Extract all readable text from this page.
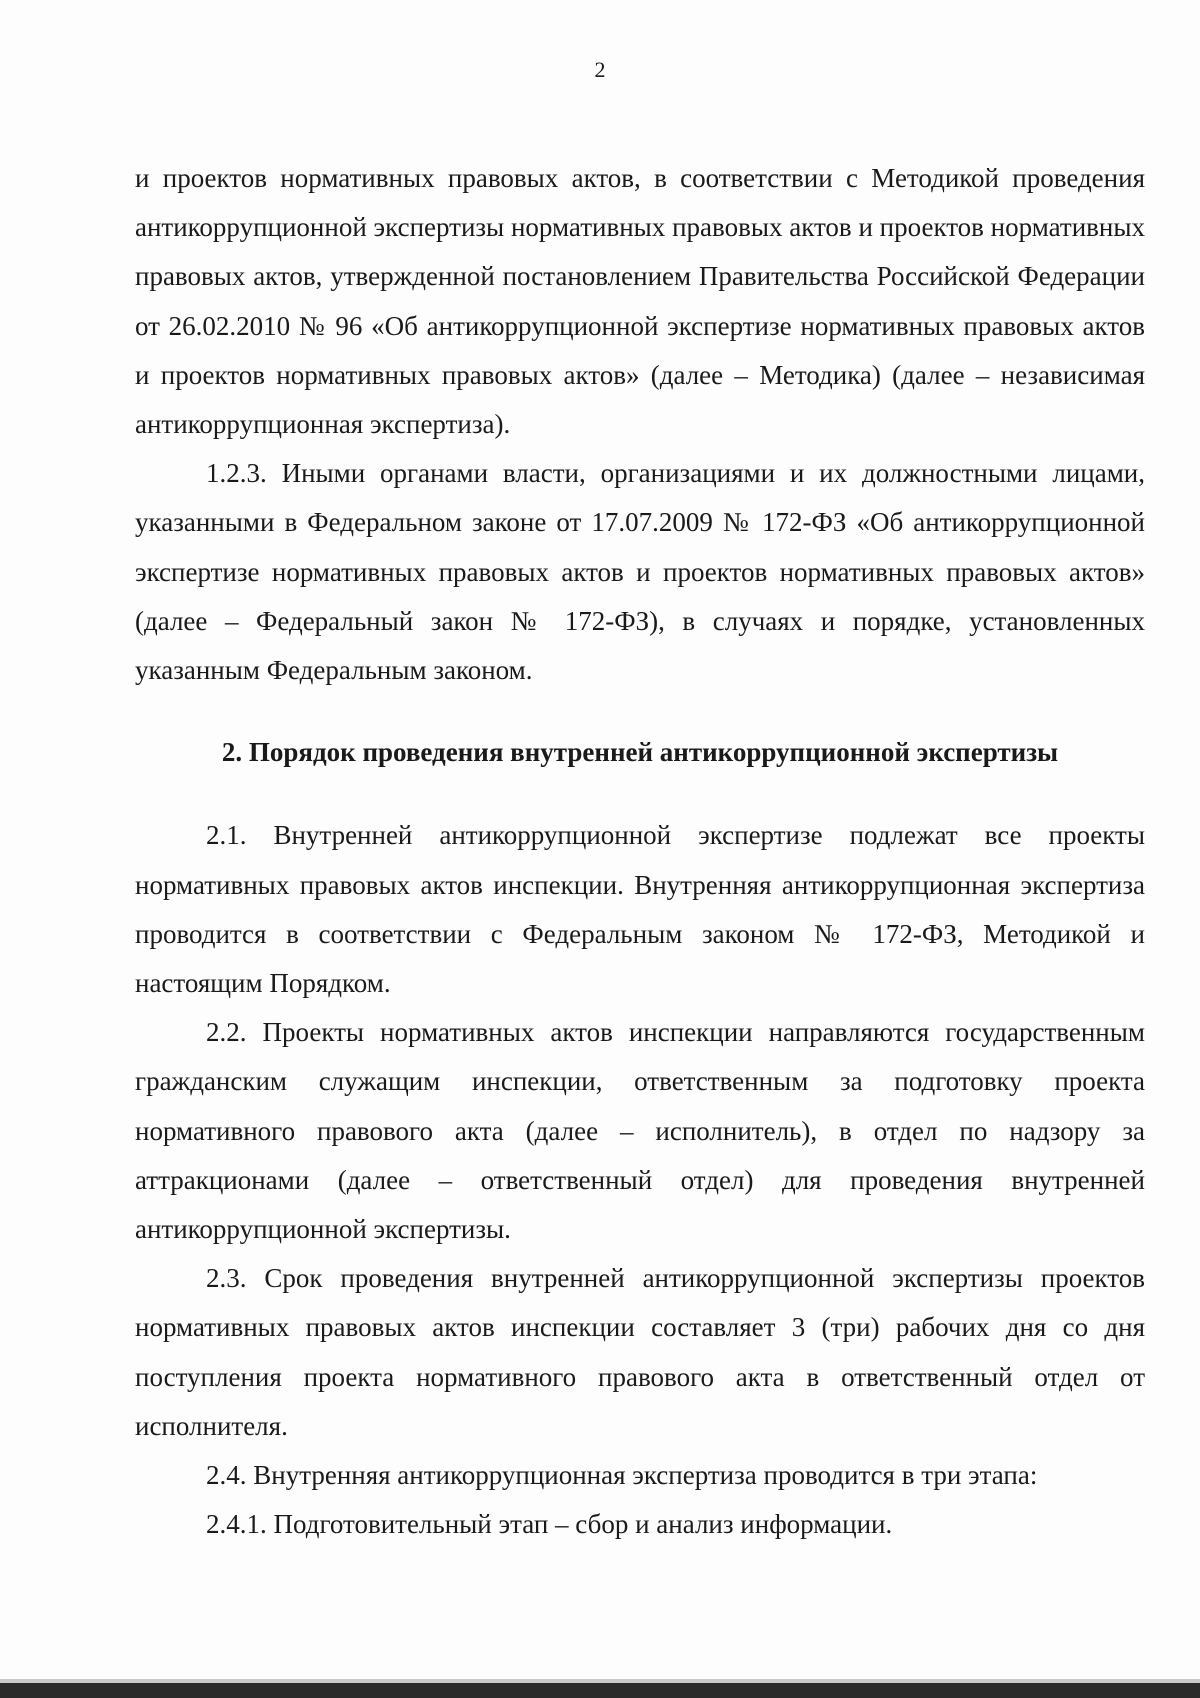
2

и проектов нормативных правовых актов, в соответствии с Методикой проведения антикоррупционной экспертизы нормативных правовых актов и проектов нормативных правовых актов, утвержденной постановлением Правительства Российской Федерации от 26.02.2010 № 96 «Об антикоррупционной экспертизе нормативных правовых актов и проектов нормативных правовых актов» (далее – Методика) (далее – независимая антикоррупционная экспертиза).

1.2.3. Иными органами власти, организациями и их должностными лицами, указанными в Федеральном законе от 17.07.2009 № 172-ФЗ «Об антикоррупционной экспертизе нормативных правовых актов и проектов нормативных правовых актов» (далее – Федеральный закон № 172-ФЗ), в случаях и порядке, установленных указанным Федеральным законом.

2. Порядок проведения внутренней антикоррупционной экспертизы

2.1. Внутренней антикоррупционной экспертизе подлежат все проекты нормативных правовых актов инспекции. Внутренняя антикоррупционная экспертиза проводится в соответствии с Федеральным законом № 172-ФЗ, Методикой и настоящим Порядком.

2.2. Проекты нормативных актов инспекции направляются государственным гражданским служащим инспекции, ответственным за подготовку проекта нормативного правового акта (далее – исполнитель), в отдел по надзору за аттракционами (далее – ответственный отдел) для проведения внутренней антикоррупционной экспертизы.

2.3. Срок проведения внутренней антикоррупционной экспертизы проектов нормативных правовых актов инспекции составляет 3 (три) рабочих дня со дня поступления проекта нормативного правового акта в ответственный отдел от исполнителя.

2.4. Внутренняя антикоррупционная экспертиза проводится в три этапа:

2.4.1. Подготовительный этап – сбор и анализ информации.
